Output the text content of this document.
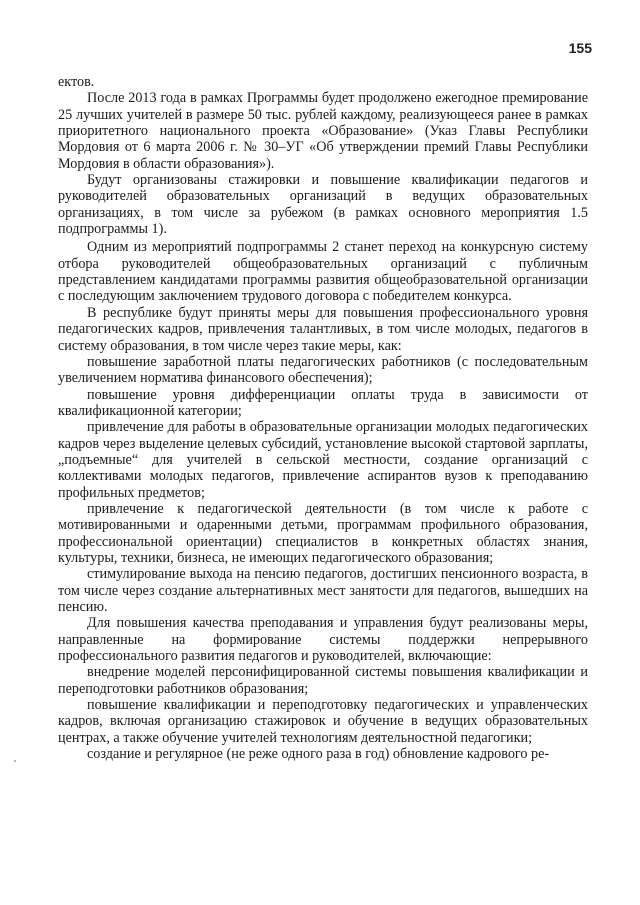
155

ектов.

После 2013 года в рамках Программы будет продолжено ежегодное премирование 25 лучших учителей в размере 50 тыс. рублей каждому, реализующееся ранее в рамках приоритетного национального проекта «Образование» (Указ Главы Республики Мордовия от 6 марта 2006 г. № 30–УГ «Об утверждении премий Главы Республики Мордовия в области образования»).

Будут организованы стажировки и повышение квалификации педагогов и руководителей образовательных организаций в ведущих образовательных организациях, в том числе за рубежом (в рамках основного мероприятия 1.5 подпрограммы 1).

Одним из мероприятий подпрограммы 2 станет переход на конкурсную систему отбора руководителей общеобразовательных организаций с публичным представлением кандидатами программы развития общеобразовательной организации с последующим заключением трудового договора с победителем конкурса.

В республике будут приняты меры для повышения профессионального уровня педагогических кадров, привлечения талантливых, в том числе молодых, педагогов в систему образования, в том числе через такие меры, как:

повышение заработной платы педагогических работников (с последовательным увеличением норматива финансового обеспечения);

повышение уровня дифференциации оплаты труда в зависимости от квалификационной категории;

привлечение для работы в образовательные организации молодых педагогических кадров через выделение целевых субсидий, установление высокой стартовой зарплаты, „подъемные“ для учителей в сельской местности, создание организаций с коллективами молодых педагогов, привлечение аспирантов вузов к преподаванию профильных предметов;

привлечение к педагогической деятельности (в том числе к работе с мотивированными и одаренными детьми, программам профильного образования, профессиональной ориентации) специалистов в конкретных областях знания, культуры, техники, бизнеса, не имеющих педагогического образования;

стимулирование выхода на пенсию педагогов, достигших пенсионного возраста, в том числе через создание альтернативных мест занятости для педагогов, вышедших на пенсию.

Для повышения качества преподавания и управления будут реализованы меры, направленные на формирование системы поддержки непрерывного профессионального развития педагогов и руководителей, включающие:

внедрение моделей персонифицированной системы повышения квалификации и переподготовки работников образования;

повышение квалификации и переподготовку педагогических и управленческих кадров, включая организацию стажировок и обучение в ведущих образовательных центрах, а также обучение учителей технологиям деятельностной педагогики;

создание и регулярное (не реже одного раза в год) обновление кадрового ре-
